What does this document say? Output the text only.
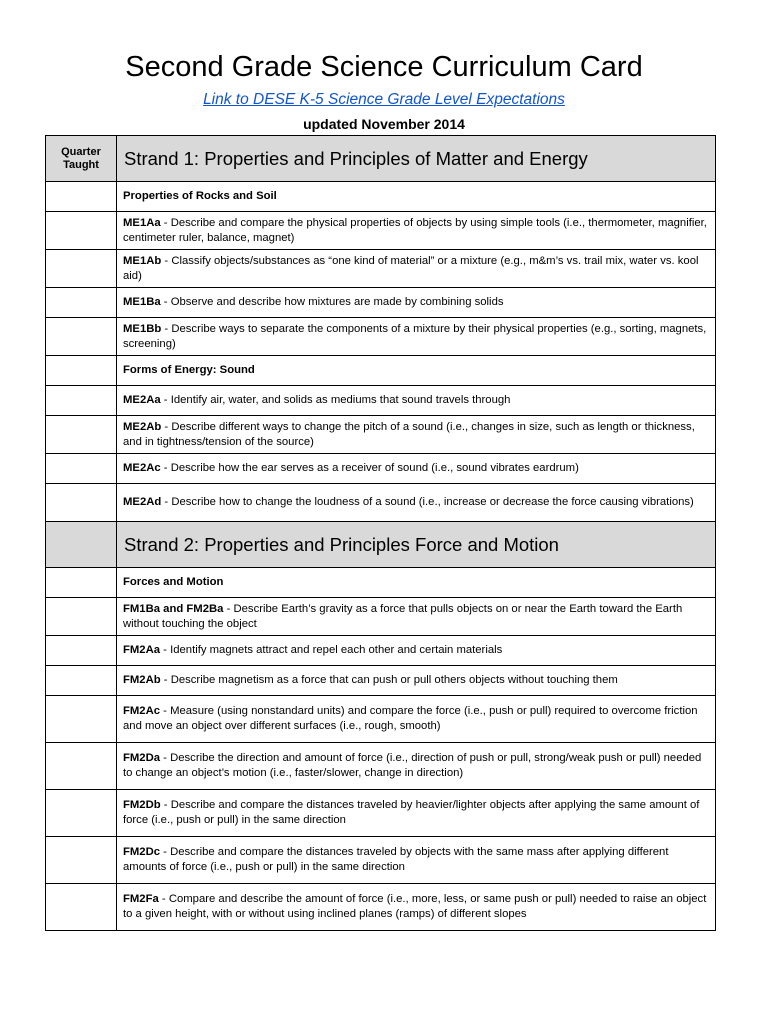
Second Grade Science Curriculum Card
Link to DESE K-5 Science Grade Level Expectations
updated November 2014
Quarter Taught	Strand 1: Properties and Principles of Matter and Energy
	Properties of Rocks and Soil
	ME1Aa - Describe and compare the physical properties of objects by using simple tools (i.e., thermometer, magnifier, centimeter ruler, balance, magnet)
	ME1Ab - Classify objects/substances as “one kind of material” or a mixture (e.g., m&m’s vs. trail mix, water vs. kool aid)
	ME1Ba - Observe and describe how mixtures are made by combining solids
	ME1Bb - Describe ways to separate the components of a mixture by their physical properties (e.g., sorting, magnets, screening)
	Forms of Energy: Sound
	ME2Aa - Identify air, water, and solids as mediums that sound travels through
	ME2Ab - Describe different ways to change the pitch of a sound (i.e., changes in size, such as length or thickness, and in tightness/tension of the source)
	ME2Ac - Describe how the ear serves as a receiver of sound (i.e., sound vibrates eardrum)
	ME2Ad - Describe how to change the loudness of a sound (i.e., increase or decrease the force causing vibrations)
	Strand 2: Properties and Principles Force and Motion
	Forces and Motion
	FM1Ba and FM2Ba - Describe Earth’s gravity as a force that pulls objects on or near the Earth toward the Earth without touching the object
	FM2Aa - Identify magnets attract and repel each other and certain materials
	FM2Ab - Describe magnetism as a force that can push or pull others objects without touching them
	FM2Ac - Measure (using nonstandard units) and compare the force (i.e., push or pull) required to overcome friction and move an object over different surfaces (i.e., rough, smooth)
	FM2Da - Describe the direction and amount of force (i.e., direction of push or pull, strong/weak push or pull) needed to change an object’s motion (i.e., faster/slower, change in direction)
	FM2Db - Describe and compare the distances traveled by heavier/lighter objects after applying the same amount of force (i.e., push or pull) in the same direction
	FM2Dc - Describe and compare the distances traveled by objects with the same mass after applying different amounts of force (i.e., push or pull) in the same direction
	FM2Fa - Compare and describe the amount of force (i.e., more, less, or same push or pull) needed to raise an object to a given height, with or without using inclined planes (ramps) of different slopes
